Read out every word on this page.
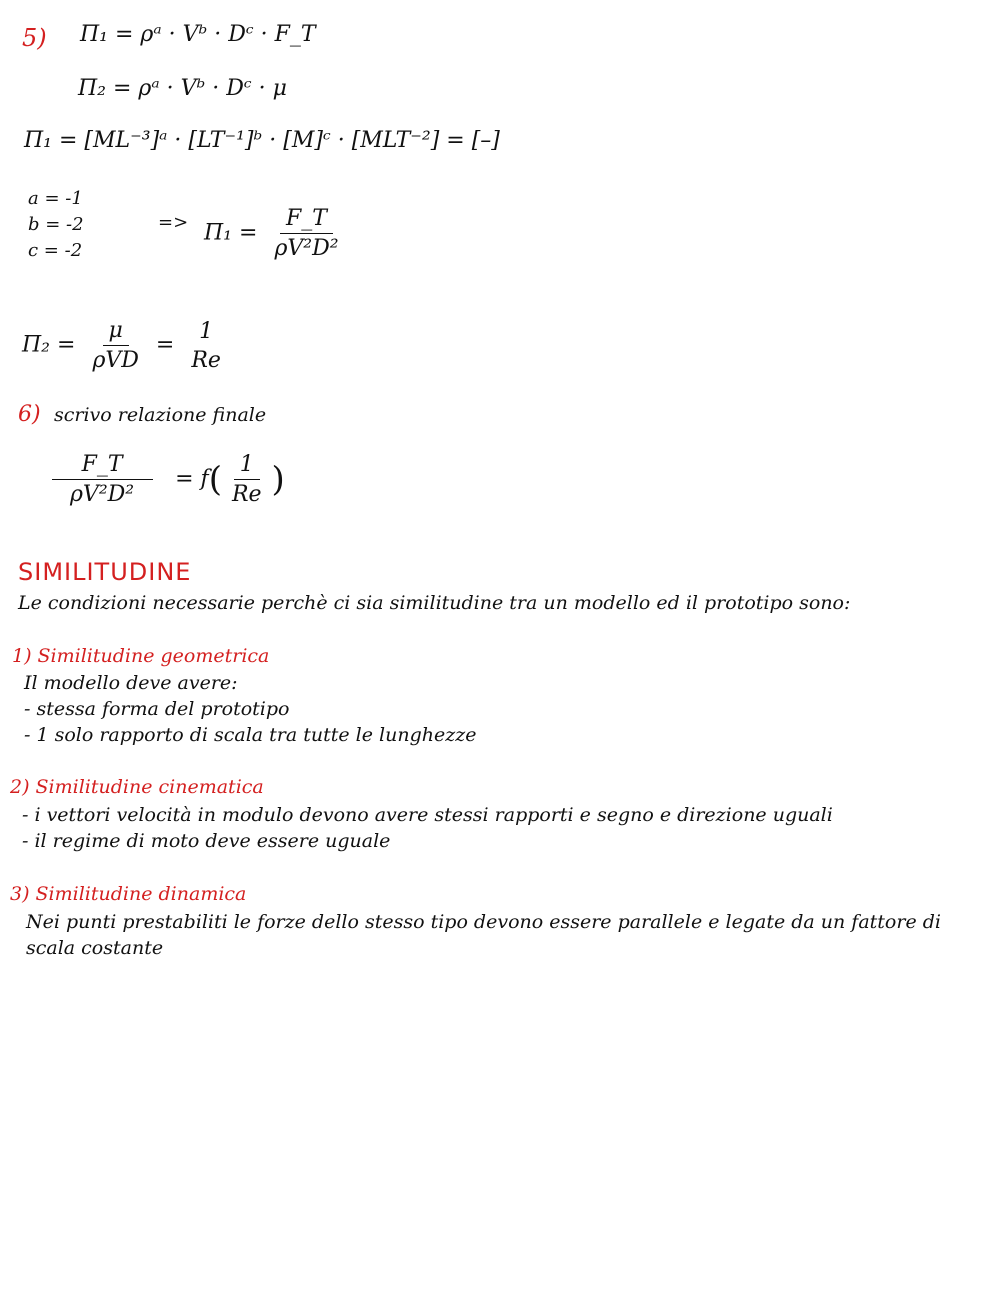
5) Π₁ = ρᵃ · Vᵇ · Dᶜ · F_T
Π₂ = ρᵃ · Vᵇ · Dᶜ · μ
Π₁ = [ML⁻³]ᵃ · [LT⁻¹]ᵇ · [M]ᶜ · [MLT⁻²] = [–]
a = -1
b = -2
c = -2
=> $\Pi_1 = \frac{F\_T}{\text{ρV²D²}}$
$\Pi_2 = \frac{\mu}{\text{ρVD}}$ =
1
Re
6) scrivo relazione finale
$\frac{F\_T}{\text{ρV²D²}} = f( \frac{1}{Re}$ )
SIMILITUDINE
Le condizioni necessarie perchè ci sia similitudine tra un modello ed il prototipo sono:
1) Similitudine geometrica
Il modello deve avere:
- stessa forma del prototipo
- 1 solo rapporto di scala tra tutte le lunghezze
2) Similitudine cinematica
- i vettori velocità in modulo devono avere stessi rapporti e segno e direzione uguali
- il regime di moto deve essere uguale
3) Similitudine dinamica
Nei punti prestabiliti le forze dello stesso tipo devono essere parallele e legate da un fattore di
scala costante
